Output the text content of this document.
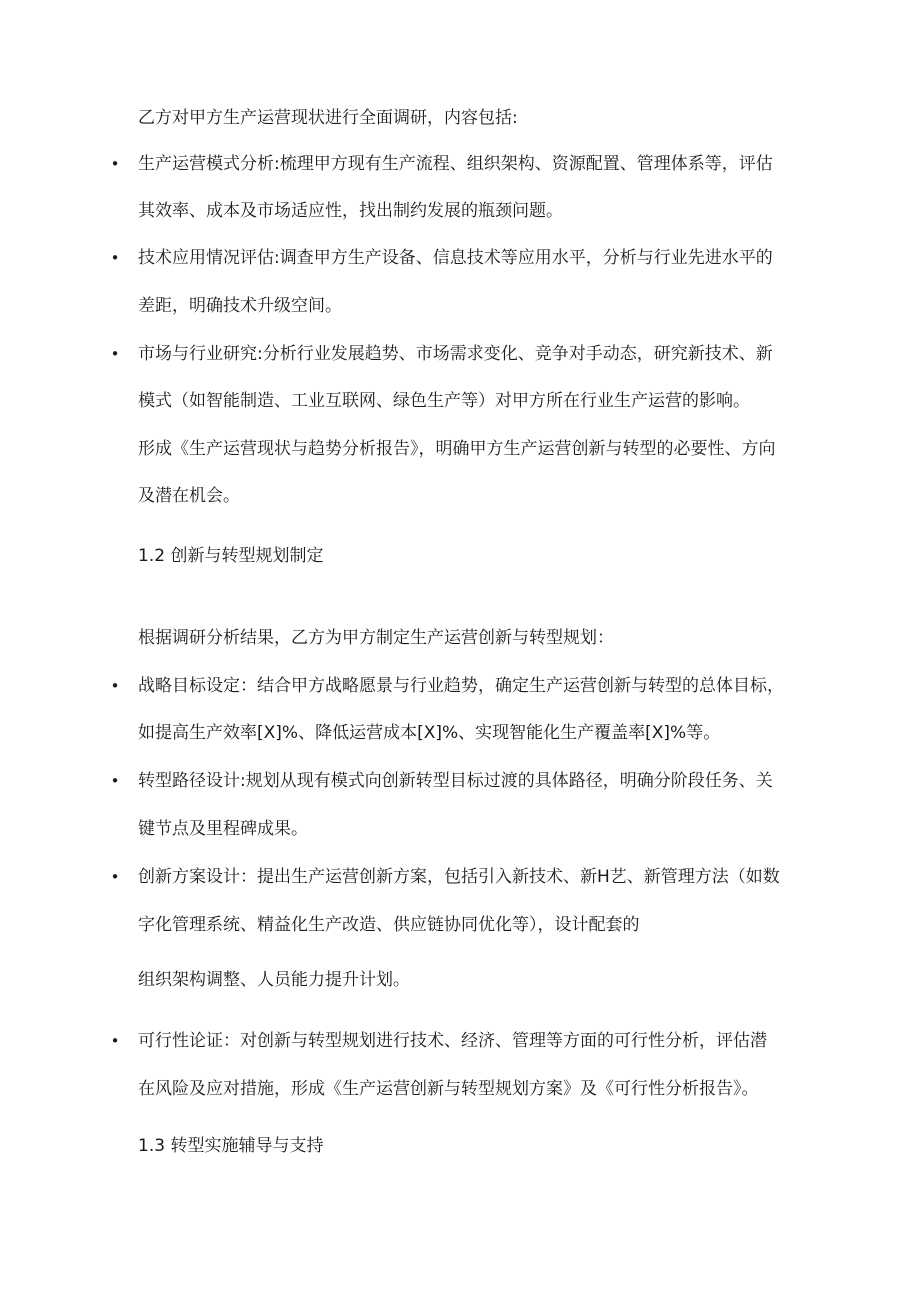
乙方对甲方生产运营现状进行全面调研，内容包括:
• 生产运营模式分析:梳理甲方现有生产流程、组织架构、资源配置、管理体系等，评估
其效率、成本及市场适应性，找出制约发展的瓶颈问题。
• 技术应用情况评估:调查甲方生产设备、信息技术等应用水平，分析与行业先进水平的
差距，明确技术升级空间。
• 市场与行业研究:分析行业发展趋势、市场需求变化、竞争对手动态，研究新技术、新
模式（如智能制造、工业互联网、绿色生产等）对甲方所在行业生产运营的影响。
形成《生产运营现状与趋势分析报告》，明确甲方生产运营创新与转型的必要性、方向
及潜在机会。
1.2 创新与转型规划制定
根据调研分析结果，乙方为甲方制定生产运营创新与转型规划：
• 战略目标设定：结合甲方战略愿景与行业趋势，确定生产运营创新与转型的总体目标，
如提高生产效率[X]%、降低运营成本[X]%、实现智能化生产覆盖率[X]%等。
• 转型路径设计:规划从现有模式向创新转型目标过渡的具体路径，明确分阶段任务、关
键节点及里程碑成果。
• 创新方案设计：提出生产运营创新方案，包括引入新技术、新H艺、新管理方法（如数
字化管理系统、精益化生产改造、供应链协同优化等），设计配套的
组织架构调整、人员能力提升计划。
• 可行性论证：对创新与转型规划进行技术、经济、管理等方面的可行性分析，评估潜
在风险及应对措施，形成《生产运营创新与转型规划方案》及《可行性分析报告》。
1.3 转型实施辅导与支持
